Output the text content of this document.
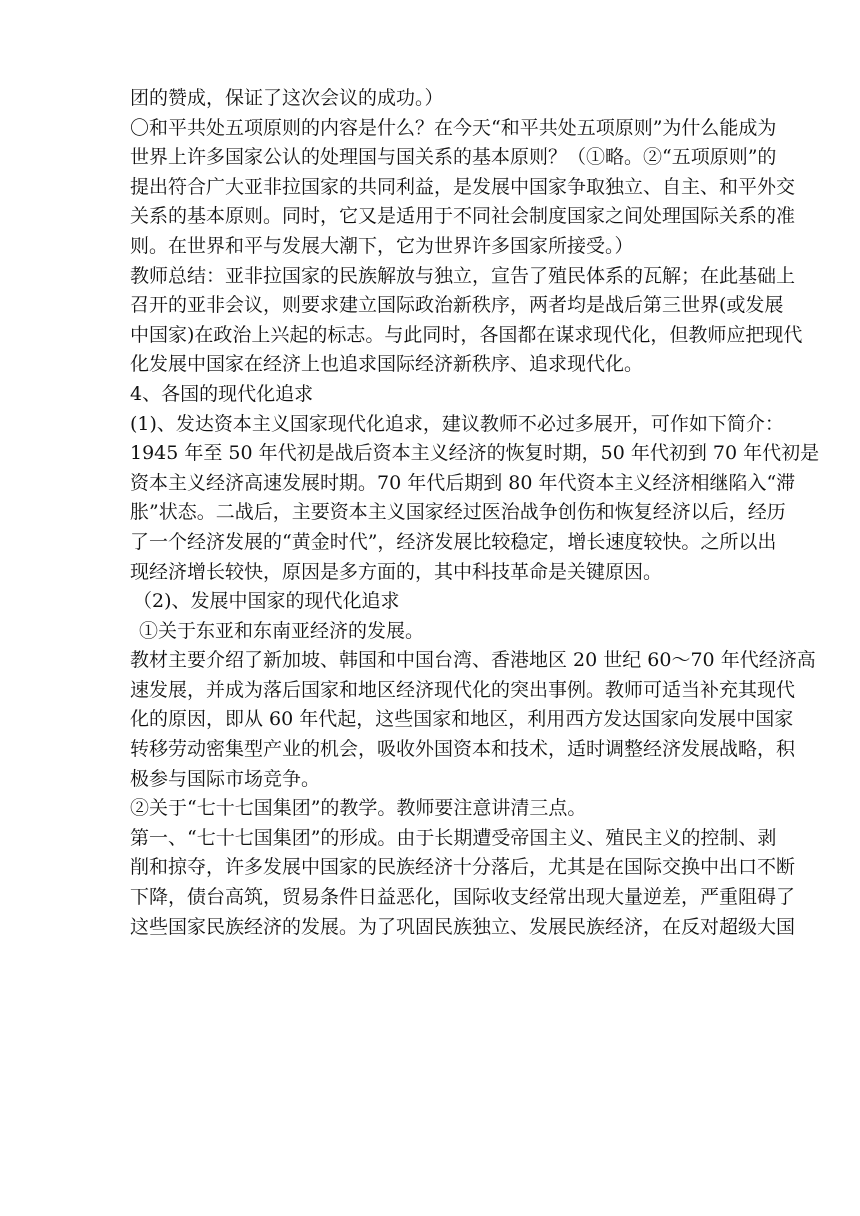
团的赞成，保证了这次会议的成功。）
〇和平共处五项原则的内容是什么？在今天“和平共处五项原则”为什么能成为
世界上许多国家公认的处理国与国关系的基本原则？（①略。②“五项原则”的
提出符合广大亚非拉国家的共同利益，是发展中国家争取独立、自主、和平外交
关系的基本原则。同时，它又是适用于不同社会制度国家之间处理国际关系的准
则。在世界和平与发展大潮下，它为世界许多国家所接受。）
教师总结：亚非拉国家的民族解放与独立，宣告了殖民体系的瓦解；在此基础上
召开的亚非会议，则要求建立国际政治新秩序，两者均是战后第三世界(或发展
中国家)在政治上兴起的标志。与此同时，各国都在谋求现代化，但教师应把现代
化发展中国家在经济上也追求国际经济新秩序、追求现代化。
4、各国的现代化追求
(1)、发达资本主义国家现代化追求，建议教师不必过多展开，可作如下简介：
1945 年至 50 年代初是战后资本主义经济的恢复时期，50 年代初到 70 年代初是
资本主义经济高速发展时期。70 年代后期到 80 年代资本主义经济相继陷入“滞
胀”状态。二战后，主要资本主义国家经过医治战争创伤和恢复经济以后，经历
了一个经济发展的“黄金时代”，经济发展比较稳定，增长速度较快。之所以出
现经济增长较快，原因是多方面的，其中科技革命是关键原因。
（2)、发展中国家的现代化追求
①关于东亚和东南亚经济的发展。
教材主要介绍了新加坡、韩国和中国台湾、香港地区 20 世纪 60～70 年代经济高
速发展，并成为落后国家和地区经济现代化的突出事例。教师可适当补充其现代
化的原因，即从 60 年代起，这些国家和地区，利用西方发达国家向发展中国家
转移劳动密集型产业的机会，吸收外国资本和技术，适时调整经济发展战略，积
极参与国际市场竞争。
②关于“七十七国集团”的教学。教师要注意讲清三点。
第一、“七十七国集团”的形成。由于长期遭受帝国主义、殖民主义的控制、剥
削和掠夺，许多发展中国家的民族经济十分落后，尤其是在国际交换中出口不断
下降，债台高筑，贸易条件日益恶化，国际收支经常出现大量逆差，严重阻碍了
这些国家民族经济的发展。为了巩固民族独立、发展民族经济，在反对超级大国
